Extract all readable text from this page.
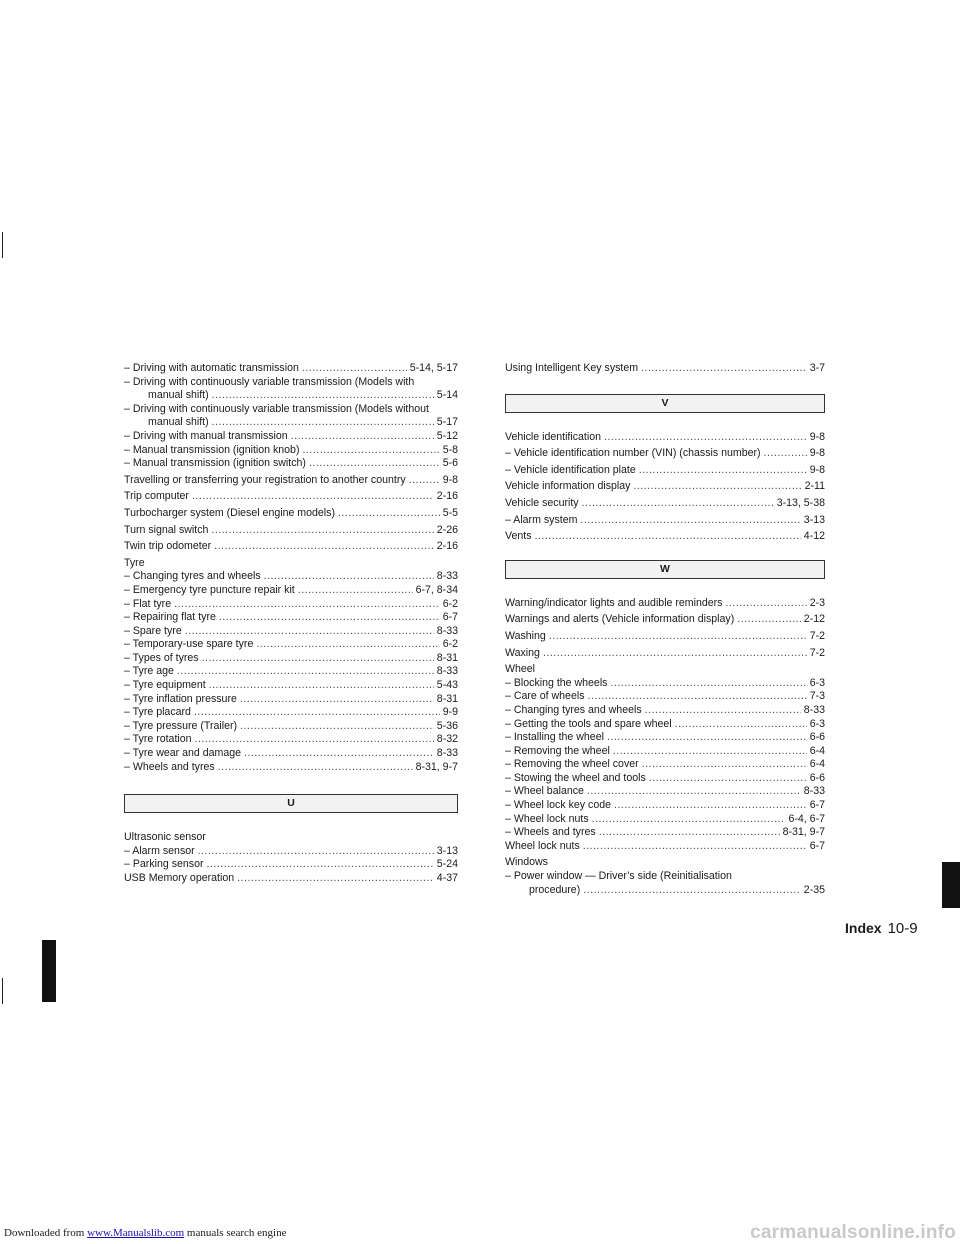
– Driving with automatic transmission .....	5-14, 5-17
– Driving with continuously variable transmission (Models with
manual shift) .....	5-14
– Driving with continuously variable transmission (Models without
manual shift) .....	5-17
– Driving with manual transmission .....	5-12
– Manual transmission (ignition knob) .....	5-8
– Manual transmission (ignition switch) .....	5-6
Travelling or transferring your registration to another country .....	9-8
Trip computer .....	2-16
Turbocharger system (Diesel engine models) .....	5-5
Turn signal switch .....	2-26
Twin trip odometer .....	2-16
Tyre
– Changing tyres and wheels .....	8-33
– Emergency tyre puncture repair kit .....	6-7, 8-34
– Flat tyre .....	6-2
– Repairing flat tyre .....	6-7
– Spare tyre .....	8-33
– Temporary-use spare tyre .....	6-2
– Types of tyres .....	8-31
– Tyre age .....	8-33
– Tyre equipment .....	5-43
– Tyre inflation pressure .....	8-31
– Tyre placard .....	9-9
– Tyre pressure (Trailer) .....	5-36
– Tyre rotation .....	8-32
– Tyre wear and damage .....	8-33
– Wheels and tyres .....	8-31, 9-7
U
Ultrasonic sensor
– Alarm sensor .....	3-13
– Parking sensor .....	5-24
USB Memory operation .....	4-37
Using Intelligent Key system .....	3-7
V
Vehicle identification .....	9-8
– Vehicle identification number (VIN) (chassis number) .....	9-8
– Vehicle identification plate .....	9-8
Vehicle information display .....	2-11
Vehicle security .....	3-13, 5-38
– Alarm system .....	3-13
Vents .....	4-12
W
Warning/indicator lights and audible reminders .....	2-3
Warnings and alerts (Vehicle information display) .....	2-12
Washing .....	7-2
Waxing .....	7-2
Wheel
– Blocking the wheels .....	6-3
– Care of wheels .....	7-3
– Changing tyres and wheels .....	8-33
– Getting the tools and spare wheel .....	6-3
– Installing the wheel .....	6-6
– Removing the wheel .....	6-4
– Removing the wheel cover .....	6-4
– Stowing the wheel and tools .....	6-6
– Wheel balance .....	8-33
– Wheel lock key code .....	6-7
– Wheel lock nuts .....	6-4, 6-7
– Wheels and tyres .....	8-31, 9-7
Wheel lock nuts .....	6-7
Windows
– Power window — Driver’s side (Reinitialisation
procedure) .....	2-35
Index 10-9
Downloaded from www.Manualslib.com manuals search engine	carmanualsonline.info
